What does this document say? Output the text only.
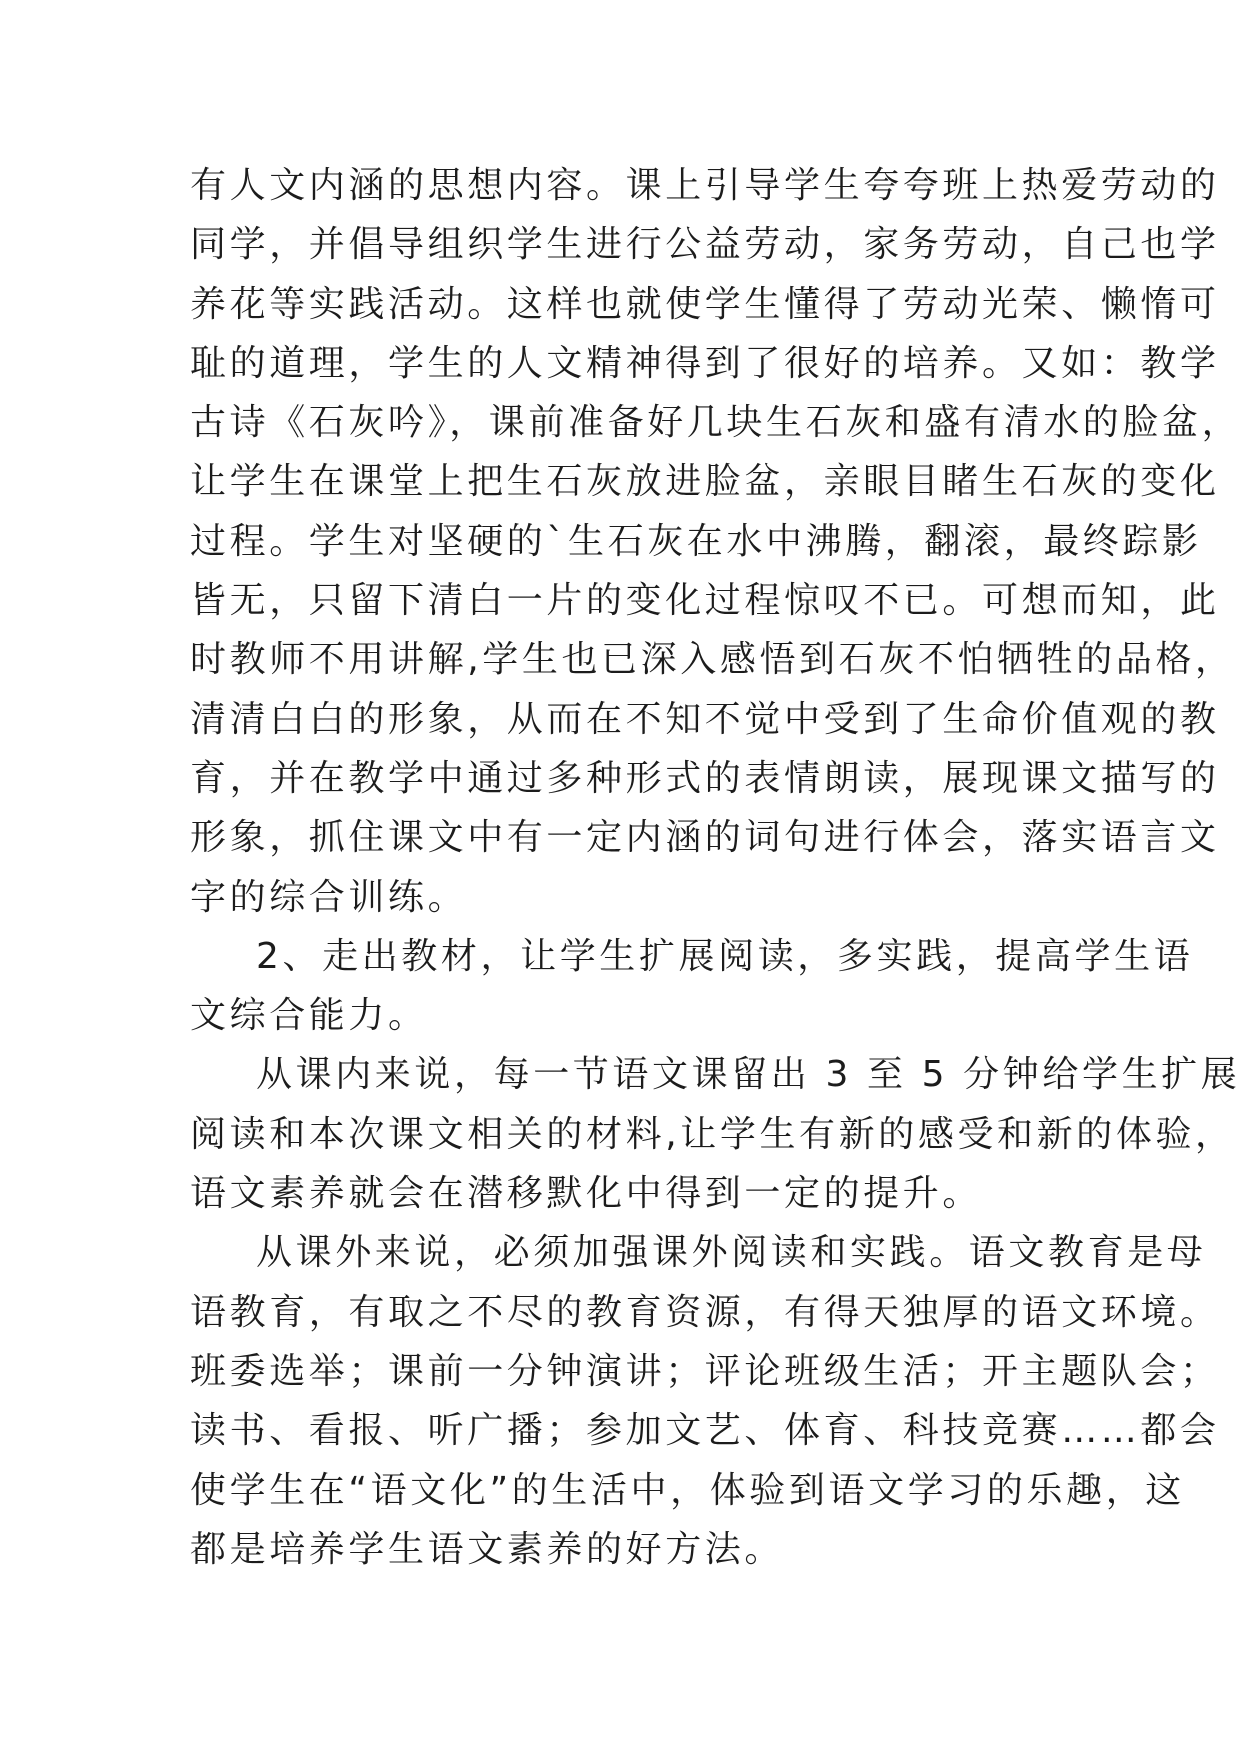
有人文内涵的思想内容。课上引导学生夸夸班上热爱劳动的
同学，并倡导组织学生进行公益劳动，家务劳动，自己也学
养花等实践活动。这样也就使学生懂得了劳动光荣、懒惰可
耻的道理，学生的人文精神得到了很好的培养。又如：教学
古诗《石灰吟》，课前准备好几块生石灰和盛有清水的脸盆，
让学生在课堂上把生石灰放进脸盆，亲眼目睹生石灰的变化
过程。学生对坚硬的`生石灰在水中沸腾，翻滚，最终踪影
皆无，只留下清白一片的变化过程惊叹不已。可想而知，此
时教师不用讲解,学生也已深入感悟到石灰不怕牺牲的品格，
清清白白的形象，从而在不知不觉中受到了生命价值观的教
育，并在教学中通过多种形式的表情朗读，展现课文描写的
形象，抓住课文中有一定内涵的词句进行体会，落实语言文
字的综合训练。
2、走出教材，让学生扩展阅读，多实践，提高学生语
文综合能力。
从课内来说，每一节语文课留出 3 至 5 分钟给学生扩展
阅读和本次课文相关的材料,让学生有新的感受和新的体验，
语文素养就会在潜移默化中得到一定的提升。
从课外来说，必须加强课外阅读和实践。语文教育是母
语教育，有取之不尽的教育资源，有得天独厚的语文环境。
班委选举；课前一分钟演讲；评论班级生活；开主题队会；
读书、看报、听广播；参加文艺、体育、科技竞赛……都会
使学生在“语文化”的生活中，体验到语文学习的乐趣，这
都是培养学生语文素养的好方法。
